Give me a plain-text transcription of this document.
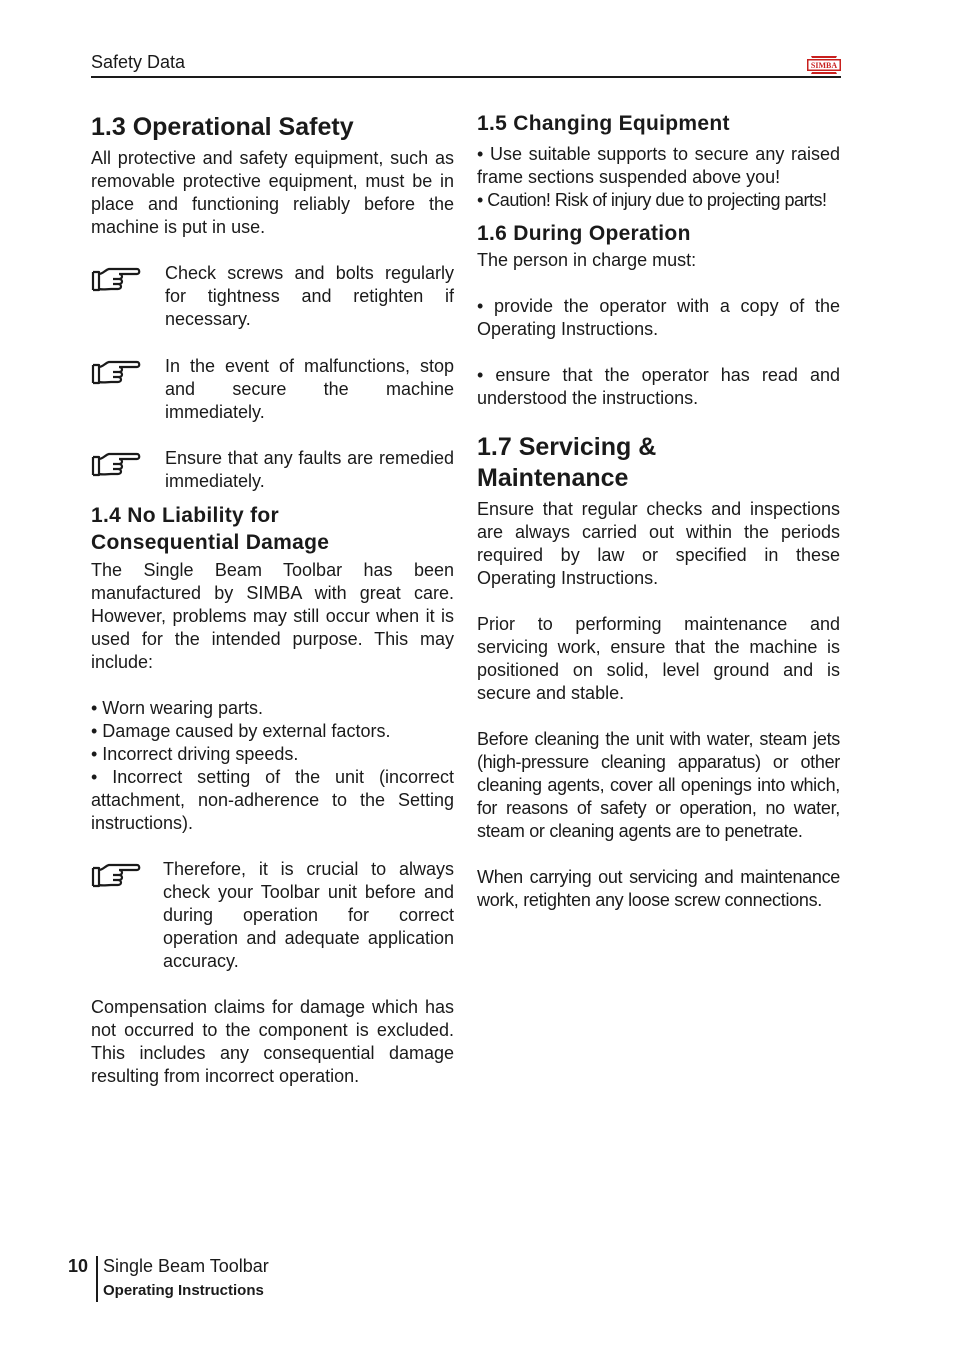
Safety Data	SIMBA
1.3 Operational Safety

All protective and safety equipment, such as removable protective equipment, must be in place and functioning reliably before the machine is put in use.

Check screws and bolts regularly for tightness and retighten if necessary.
In the event of malfunctions, stop and secure the machine immediately.
Ensure that any faults are remedied immediately.
1.4 No Liability for
Consequential Damage

The Single Beam Toolbar has been manufactured by SIMBA with great care. However, problems may still occur when it is used for the intended purpose. This may include:

• Worn wearing parts.
• Damage caused by external factors.
• Incorrect driving speeds.
• Incorrect setting of the unit (incorrect attachment, non-adherence to the Setting instructions).
Therefore, it is crucial to always check your Toolbar unit before and during operation for correct operation and adequate application accuracy.

Compensation claims for damage which has not occurred to the component is excluded. This includes any consequential damage resulting from incorrect operation.

1.5 Changing Equipment

• Use suitable supports to secure any raised frame sections suspended above you!

• Caution! Risk of injury due to projecting parts!

1.6 During Operation

The person in charge must:

• provide the operator with a copy of the Operating Instructions.

• ensure that the operator has read and understood the instructions.

1.7 Servicing &
Maintenance

Ensure that regular checks and inspections are always carried out within the periods required by law or specified in these Operating Instructions.

Prior to performing maintenance and servicing work, ensure that the machine is positioned on solid, level ground and is secure and stable.

Before cleaning the unit with water, steam jets (high-pressure cleaning apparatus) or other cleaning agents, cover all openings into which, for reasons of safety or operation, no water, steam or cleaning agents are to penetrate.

When carrying out servicing and maintenance work, retighten any loose screw connections.

10 Single Beam Toolbar
Operating Instructions
